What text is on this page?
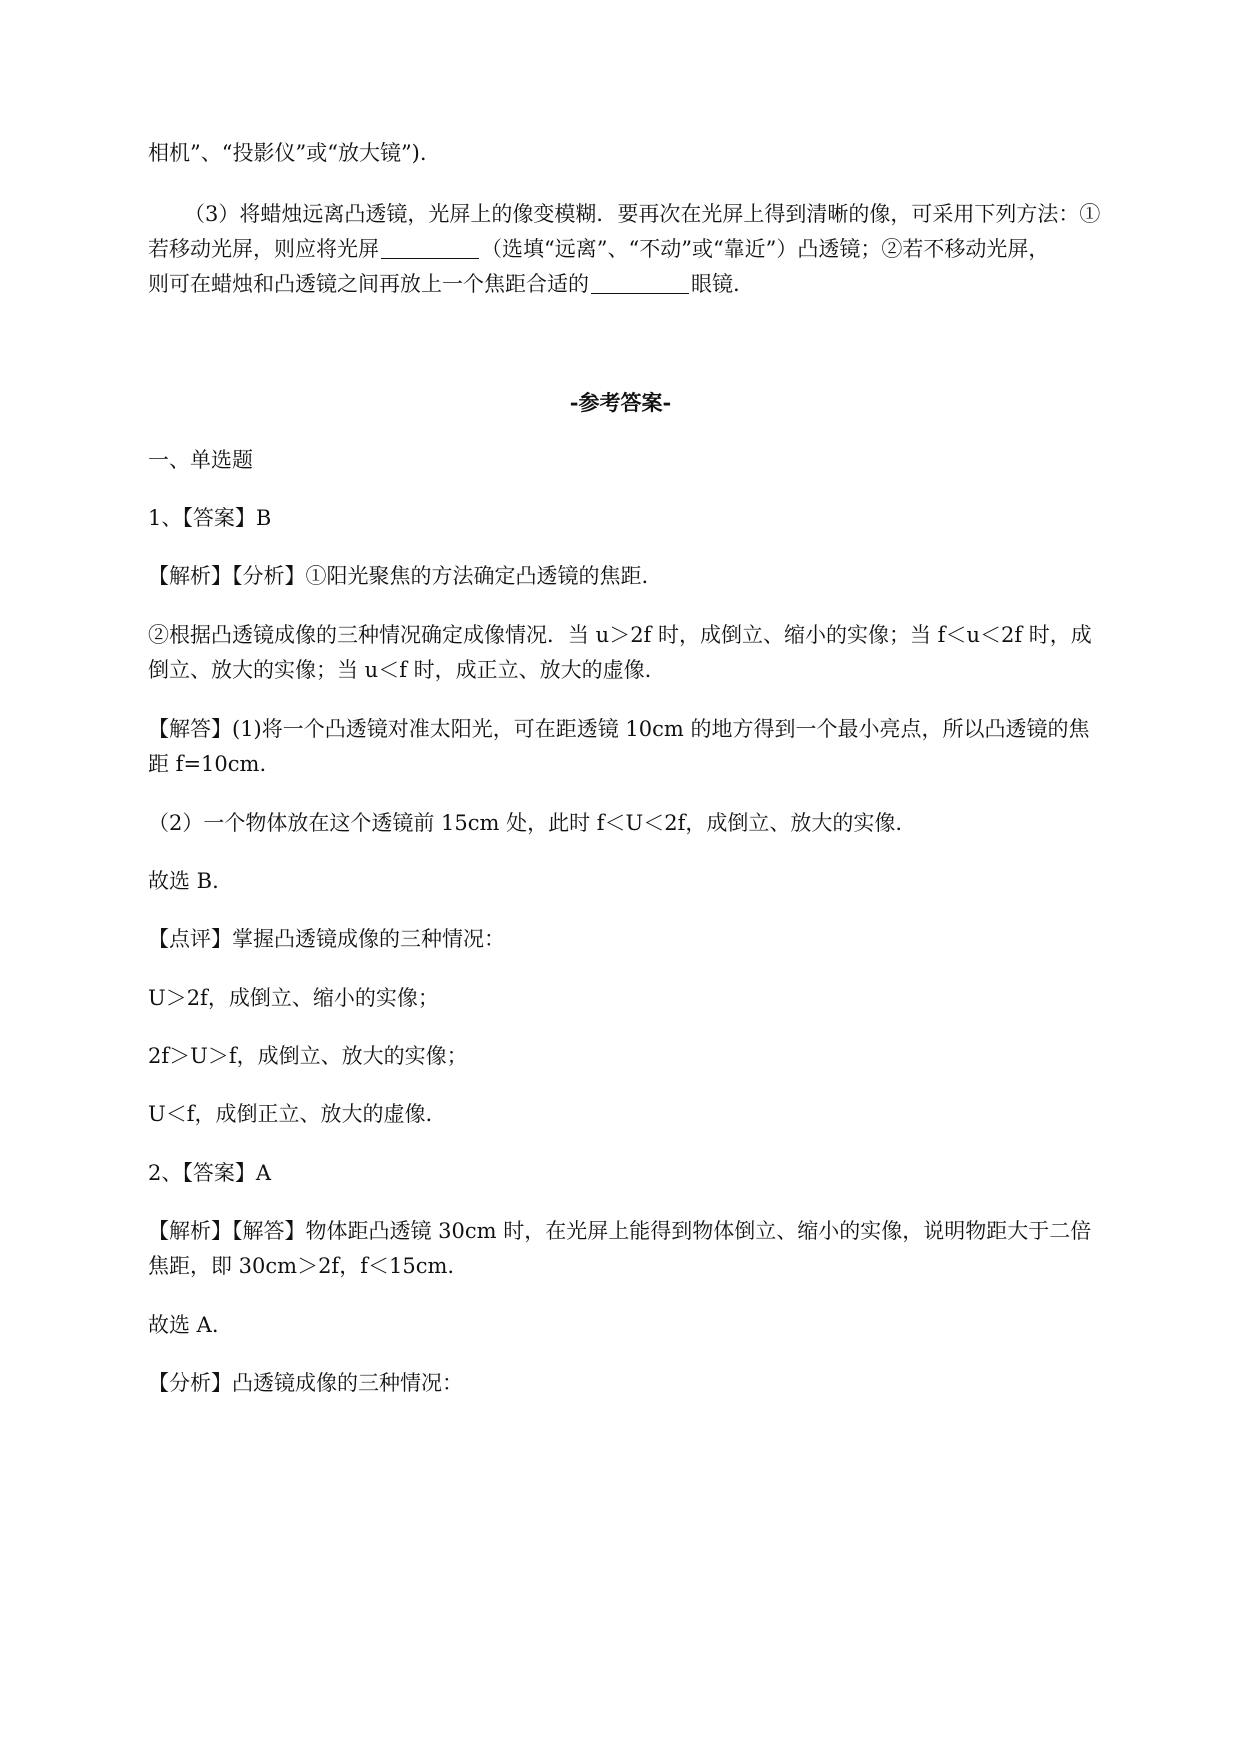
相机”、“投影仪”或“放大镜”).
（3）将蜡烛远离凸透镜，光屏上的像变模糊．要再次在光屏上得到清晰的像，可采用下列方法：①
若移动光屏，则应将光屏	（选填“远离”、“不动”或“靠近”）凸透镜；②若不移动光屏，
则可在蜡烛和凸透镜之间再放上一个焦距合适的	眼镜.
-参考答案-
一、单选题
1、【答案】B
【解析】【分析】①阳光聚焦的方法确定凸透镜的焦距.
②根据凸透镜成像的三种情况确定成像情况．当 u＞2f 时，成倒立、缩小的实像；当 f＜u＜2f 时，成
倒立、放大的实像；当 u＜f 时，成正立、放大的虚像.
【解答】(1)将一个凸透镜对准太阳光，可在距透镜 10cm 的地方得到一个最小亮点，所以凸透镜的焦
距 f=10cm.
（2）一个物体放在这个透镜前 15cm 处，此时 f＜U＜2f，成倒立、放大的实像.
故选 B.
【点评】掌握凸透镜成像的三种情况：
U＞2f，成倒立、缩小的实像；
2f＞U＞f，成倒立、放大的实像；
U＜f，成倒正立、放大的虚像.
2、【答案】A
【解析】【解答】物体距凸透镜 30cm 时，在光屏上能得到物体倒立、缩小的实像，说明物距大于二倍
焦距，即 30cm＞2f，f＜15cm.
故选 A.
【分析】凸透镜成像的三种情况：
